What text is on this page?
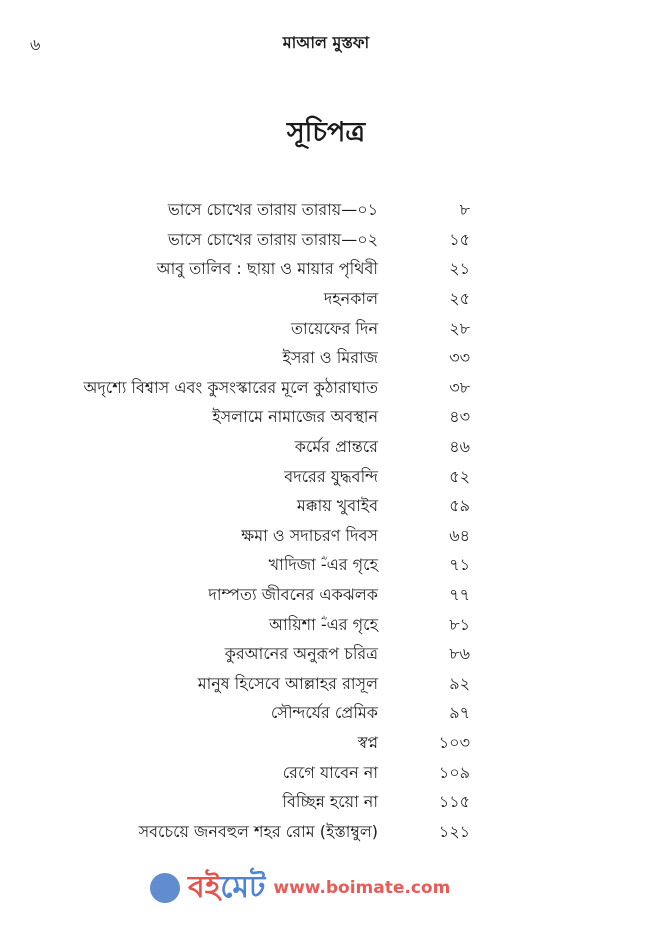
৬	মাআল মুস্তফা
সূচিপত্র
ভাসে চোখের তারায় তারায়—০১	৮
ভাসে চোখের তারায় তারায়—০২	১৫
আবু তালিব : ছায়া ও মায়ার পৃথিবী	২১
দহনকাল	২৫
তায়েফের দিন	২৮
ইসরা ও মিরাজ	৩৩
অদৃশ্যে বিশ্বাস এবং কুসংস্কারের মূলে কুঠারাঘাত	৩৮
ইসলামে নামাজের অবস্থান	৪৩
কর্মের প্রান্তরে	৪৬
বদরের যুদ্ধবন্দি	৫২
মক্কায় খুবাইব	৫৯
ক্ষমা ও সদাচরণ দিবস	৬৪
খাদিজা ؓ-এর গৃহে	৭১
দাম্পত্য জীবনের একঝলক	৭৭
আয়িশা ؓ-এর গৃহে	৮১
কুরআনের অনুরূপ চরিত্র	৮৬
মানুষ হিসেবে আল্লাহর রাসূল	৯২
সৌন্দর্যের প্রেমিক	৯৭
স্বপ্ন	১০৩
রেগে যাবেন না	১০৯
বিচ্ছিন্ন হয়ো না	১১৫
সবচেয়ে জনবহুল শহর রোম (ইস্তাম্বুল)	১২১
বইমেট www.boimate.com
